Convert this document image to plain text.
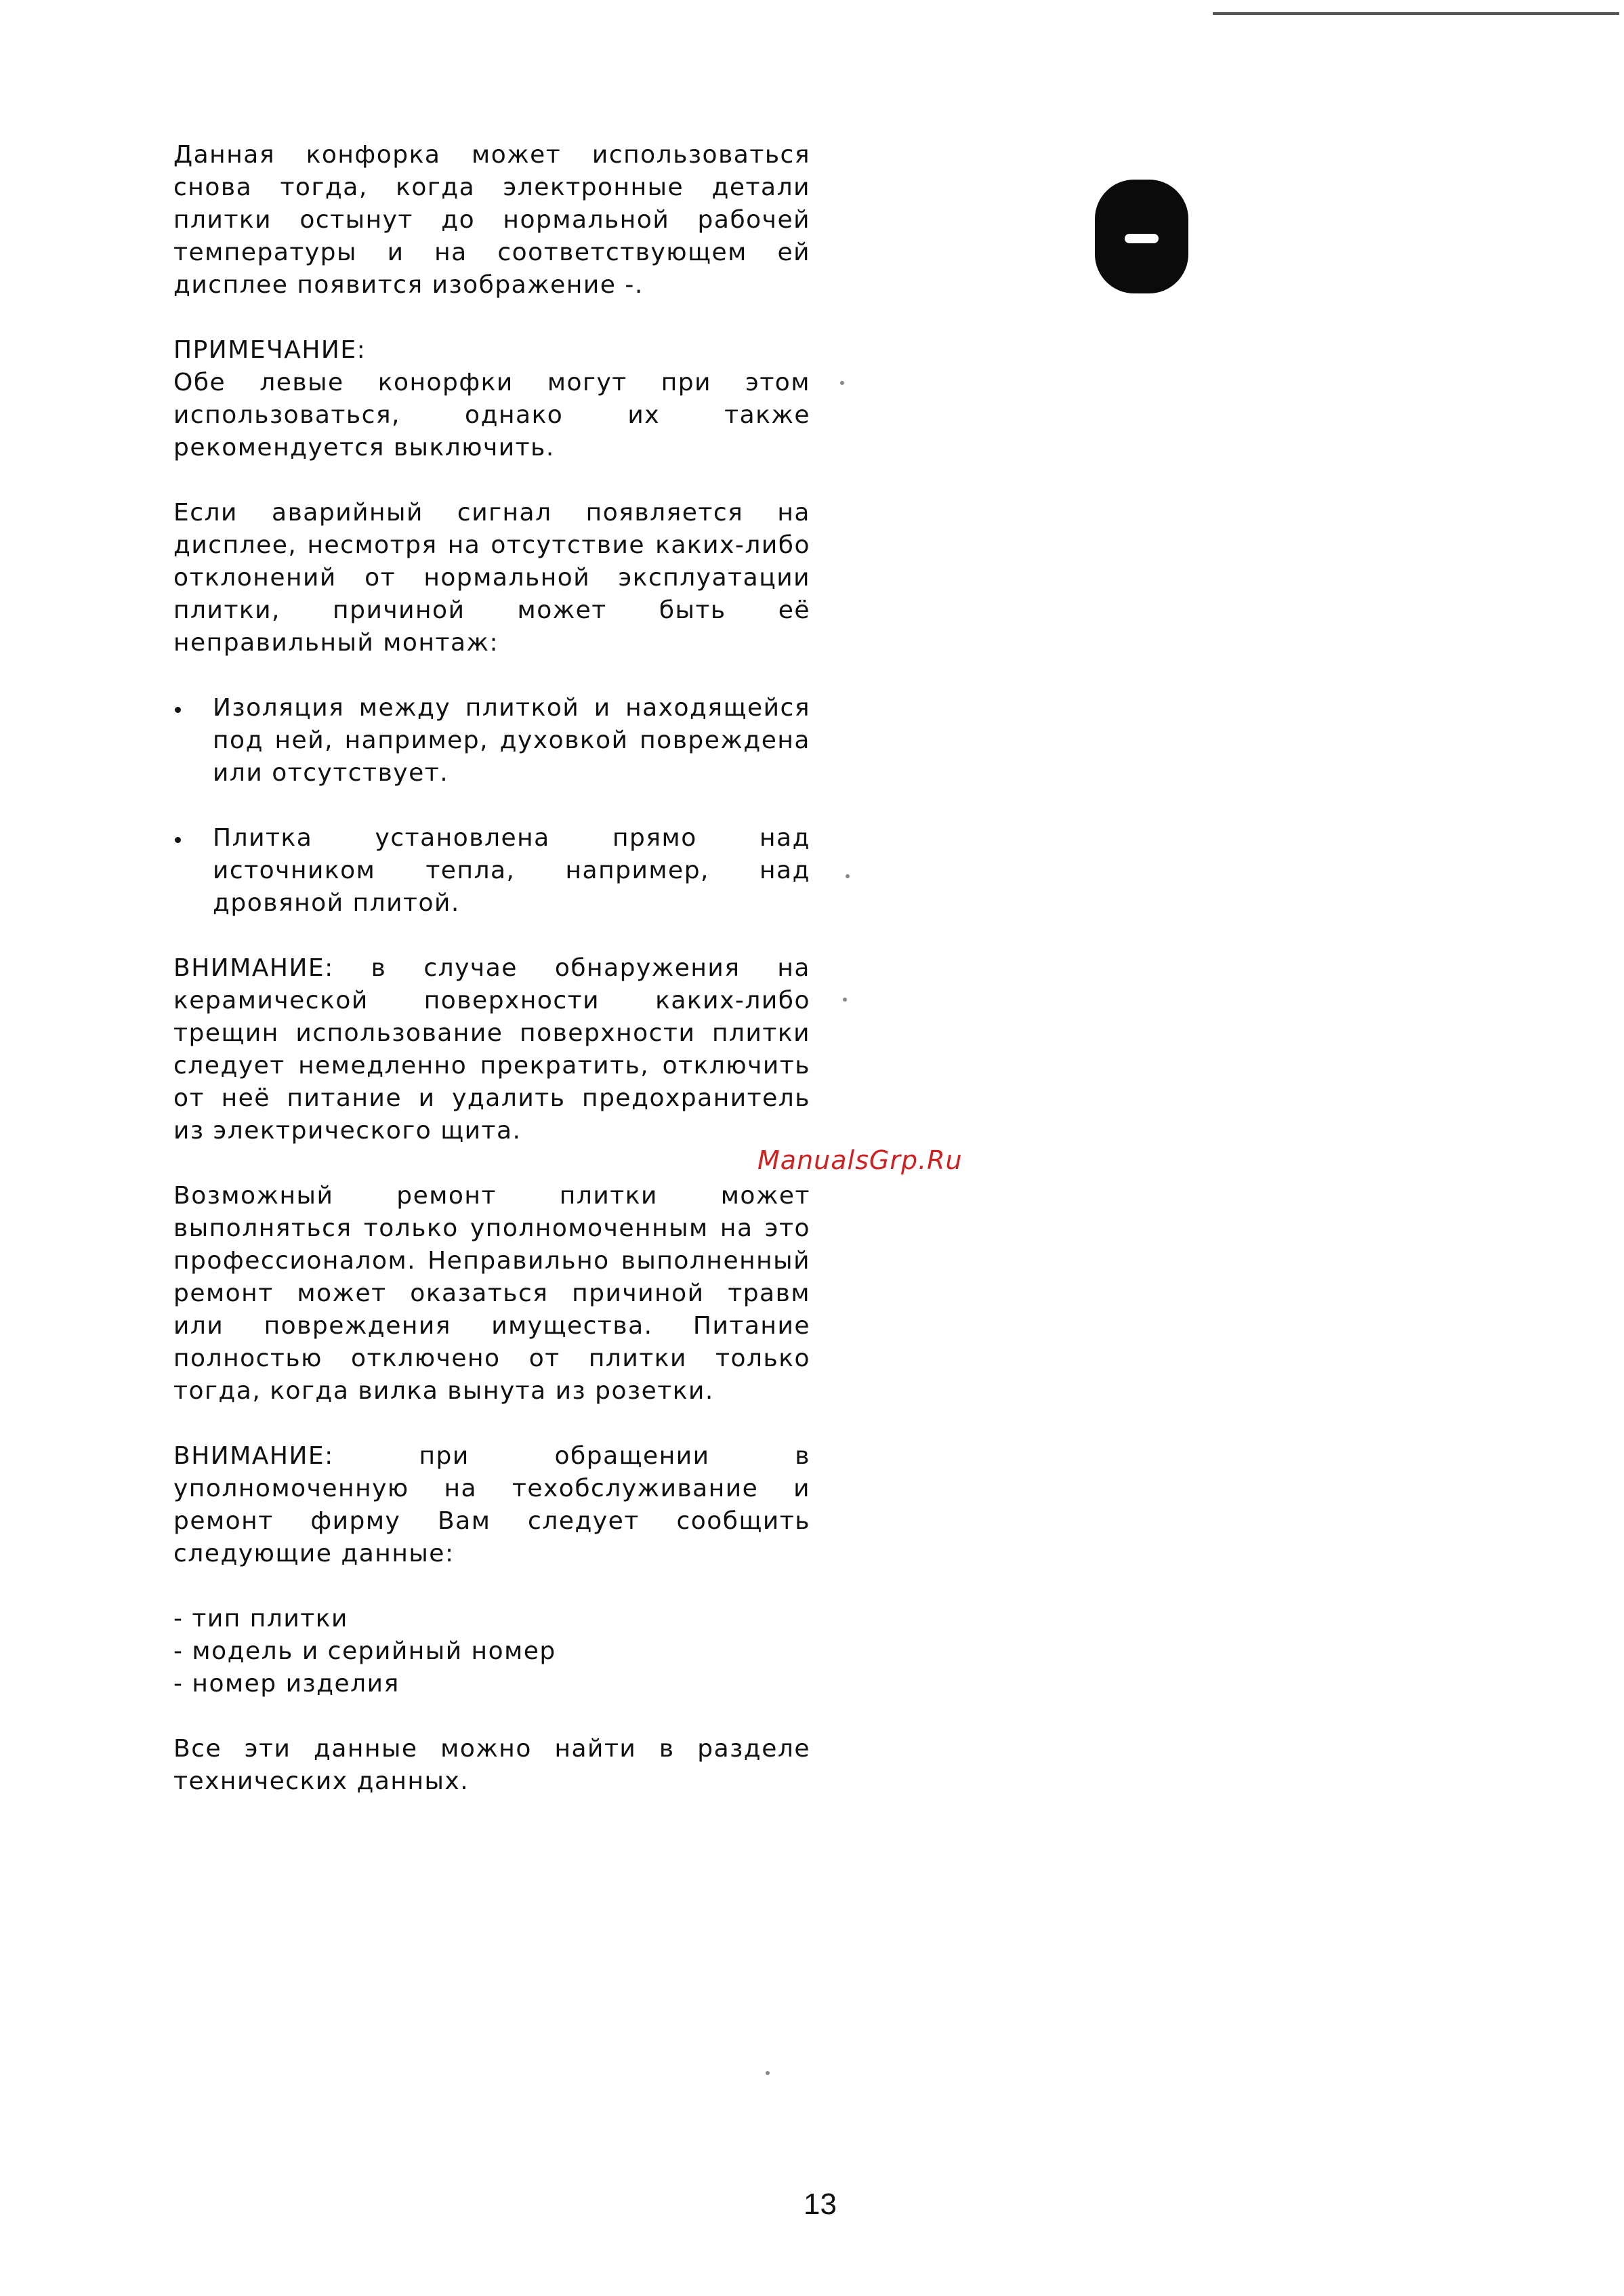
Данная конфорка может использоваться снова тогда, когда электронные детали плитки остынут до нормальной рабочей температуры и на соответствующем ей дисплее появится изображение -.

ПРИМЕЧАНИЕ:

Обе левые конорфки могут при этом использоваться, однако их также рекомендуется выключить.

Если аварийный сигнал появляется на дисплее, несмотря на отсутствие каких-либо отклонений от нормальной эксплуатации плитки, причиной может быть её неправильный монтаж:

Изоляция между плиткой и находящейся под ней, например, духовкой повреждена или отсутствует.
Плитка установлена прямо над источником тепла, например, над дровяной плитой.

ВНИМАНИЕ: в случае обнаружения на керамической поверхности каких-либо трещин использование поверхности плитки следует немедленно прекратить, отключить от неё питание и удалить предохранитель из электрического щита.

Возможный ремонт плитки может выполняться только уполномоченным на это профессионалом. Неправильно выполненный ремонт может оказаться причиной травм или повреждения имущества. Питание полностью отключено от плитки только тогда, когда вилка вынута из розетки.

ВНИМАНИЕ: при обращении в уполномоченную на техобслуживание и ремонт фирму Вам следует сообщить следующие данные:

- тип плитки
- модель и серийный номер
- номер изделия

Все эти данные можно найти в разделе технических данных.

ManualsGrp.Ru
13
